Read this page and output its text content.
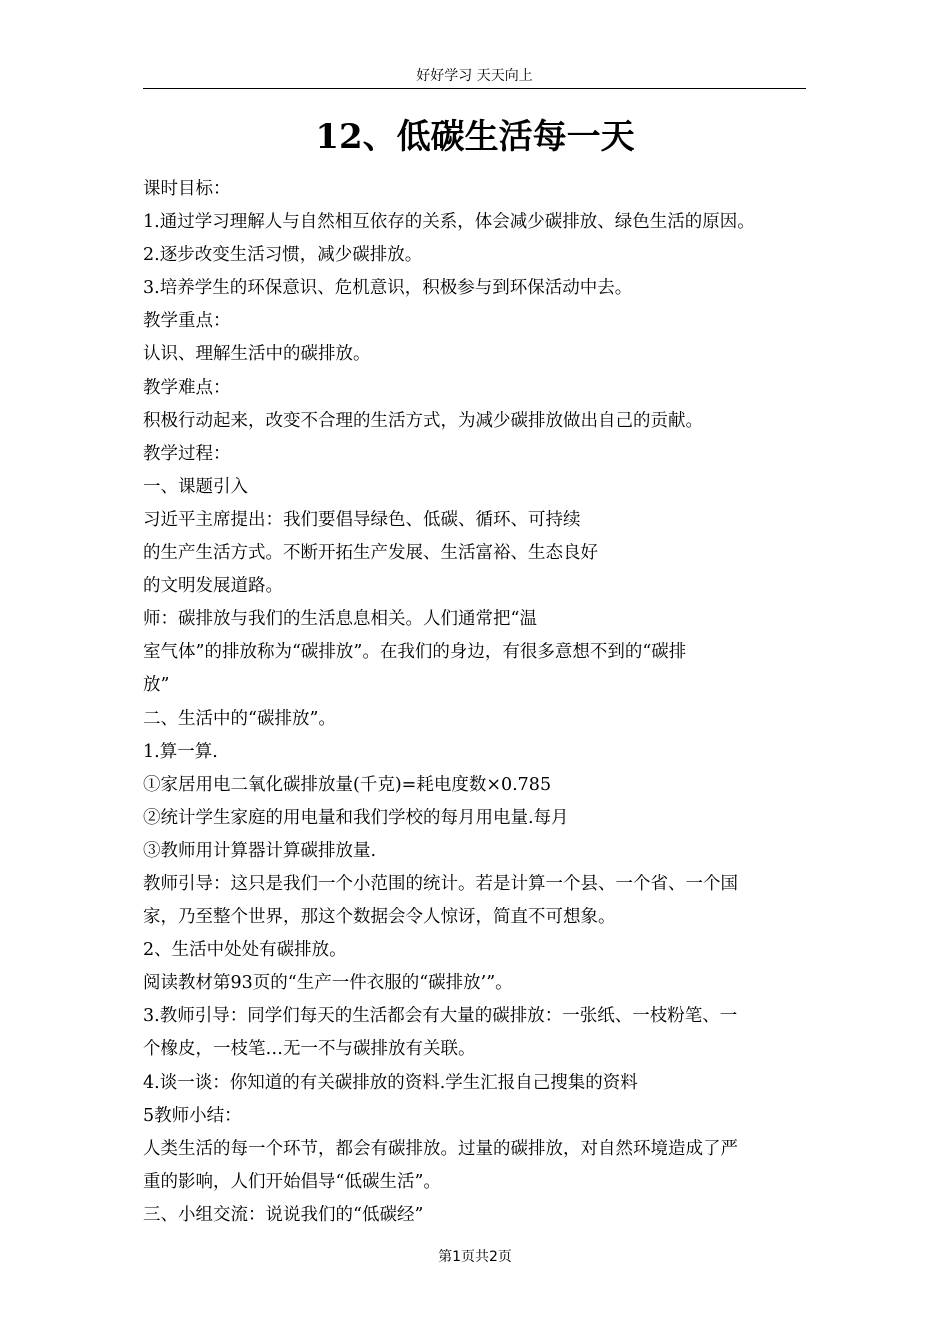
好好学习 天天向上
12、低碳生活每一天
课时目标：
1.通过学习理解人与自然相互依存的关系，体会减少碳排放、绿色生活的原因。
2.逐步改变生活习惯，减少碳排放。
3.培养学生的环保意识、危机意识，积极参与到环保活动中去。
教学重点：
认识、理解生活中的碳排放。
教学难点：
积极行动起来，改变不合理的生活方式，为减少碳排放做出自己的贡献。
教学过程：
一、课题引入
习近平主席提出：我们要倡导绿色、低碳、循环、可持续
的生产生活方式。不断开拓生产发展、生活富裕、生态良好
的文明发展道路。
师：碳排放与我们的生活息息相关。人们通常把“温
室气体”的排放称为“碳排放”。在我们的身边，有很多意想不到的“碳排
放”
二、生活中的“碳排放”。
1.算一算.
①家居用电二氧化碳排放量(千克)=耗电度数×0.785
②统计学生家庭的用电量和我们学校的每月用电量.每月
③教师用计算器计算碳排放量.
教师引导：这只是我们一个小范围的统计。若是计算一个县、一个省、一个国
家，乃至整个世界，那这个数据会令人惊讶，简直不可想象。
2、生活中处处有碳排放。
阅读教材第93页的“生产一件衣服的“碳排放’”。
3.教师引导：同学们每天的生活都会有大量的碳排放：一张纸、一枝粉笔、一
个橡皮，一枝笔…无一不与碳排放有关联。
4.谈一谈：你知道的有关碳排放的资料.学生汇报自己搜集的资料
5教师小结：
人类生活的每一个环节，都会有碳排放。过量的碳排放，对自然环境造成了严
重的影响，人们开始倡导“低碳生活”。
三、小组交流：说说我们的“低碳经”
第1页共2页
